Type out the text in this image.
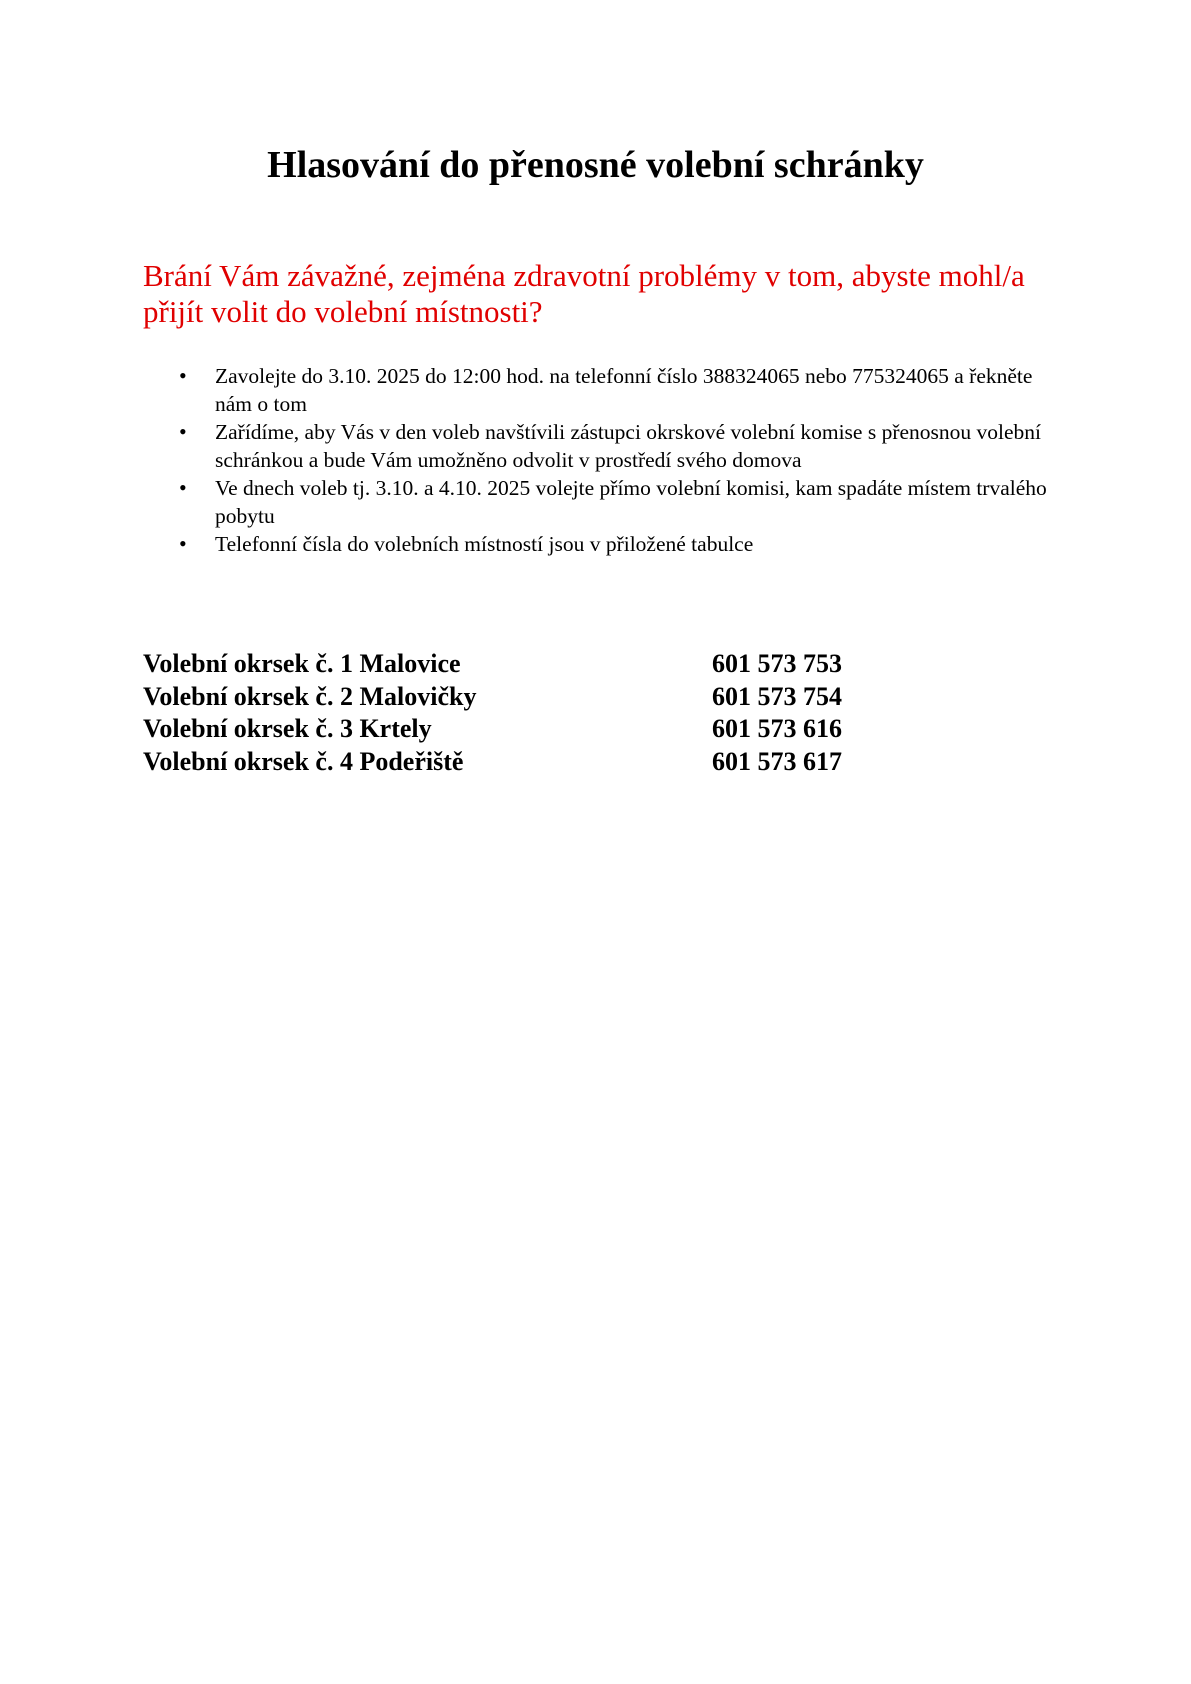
Hlasování do přenosné volební schránky

Brání Vám závažné, zejména zdravotní problémy v tom, abyste mohl/a přijít volit do volební místnosti?

• Zavolejte do 3.10. 2025 do 12:00 hod. na telefonní číslo 388324065 nebo 775324065 a řekněte nám o tom
• Zařídíme, aby Vás v den voleb navštívili zástupci okrskové volební komise s přenosnou volební schránkou a bude Vám umožněno odvolit v prostředí svého domova
• Ve dnech voleb tj. 3.10. a 4.10. 2025 volejte přímo volební komisi, kam spadáte místem trvalého pobytu
• Telefonní čísla do volebních místností jsou v přiložené tabulce
Volební okrsek č. 1 Malovice	601 573 753
Volební okrsek č. 2 Malovičky	601 573 754
Volební okrsek č. 3 Krtely	601 573 616
Volební okrsek č. 4 Podeřiště	601 573 617
